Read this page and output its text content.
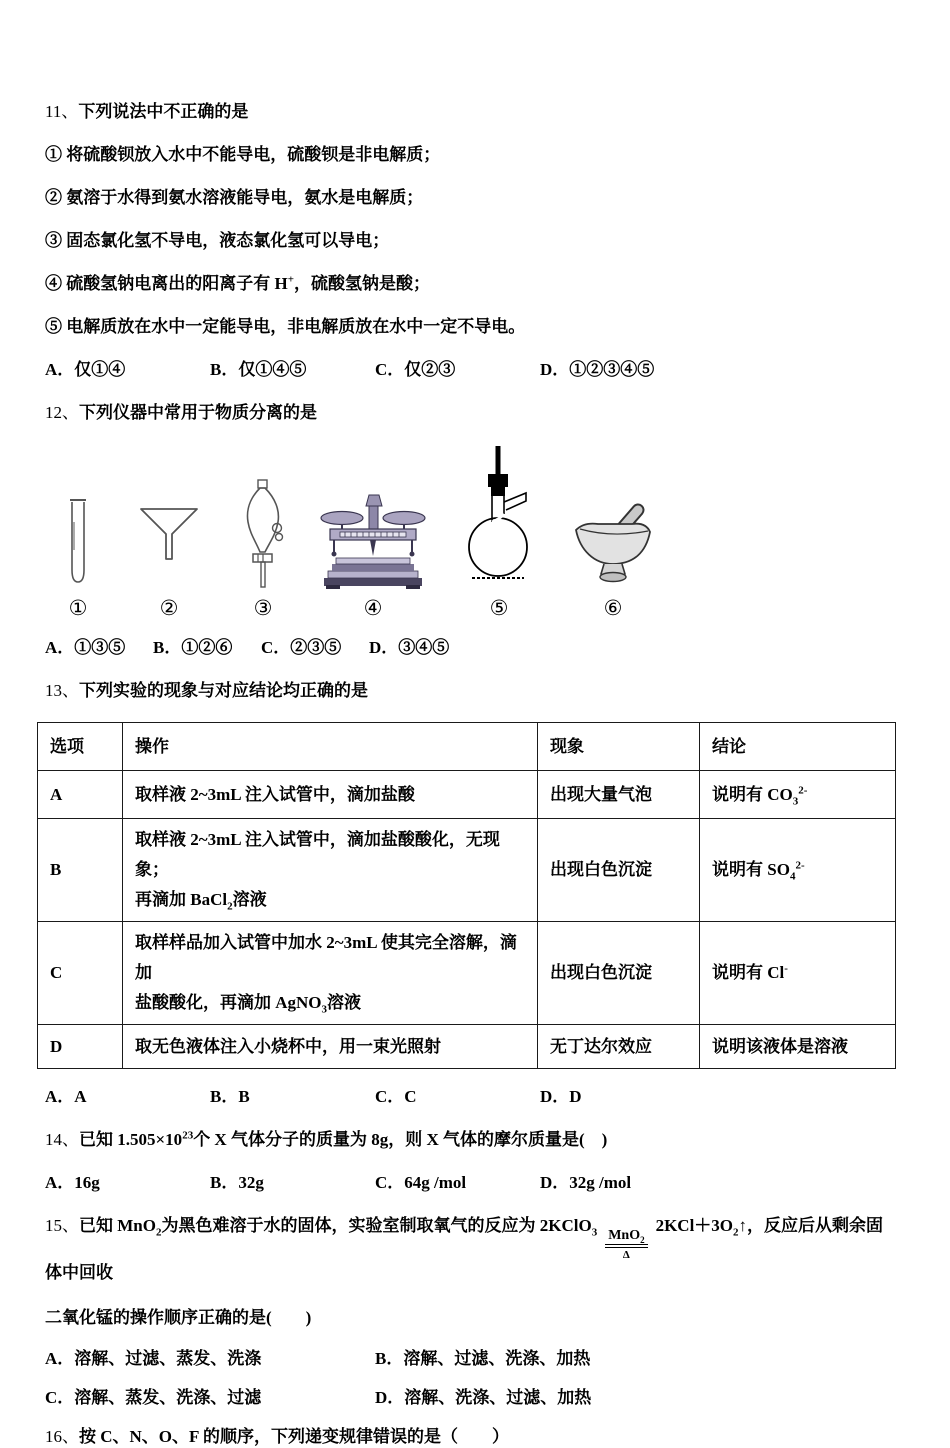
11、下列说法中不正确的是
① 将硫酸钡放入水中不能导电，硫酸钡是非电解质；
② 氨溶于水得到氨水溶液能导电，氨水是电解质；
③ 固态氯化氢不导电，液态氯化氢可以导电；
④ 硫酸氢钠电离出的阳离子有 H+，硫酸氢钠是酸；
⑤ 电解质放在水中一定能导电，非电解质放在水中一定不导电。
A．仅①④	B．仅①④⑤	C．仅②③	D．①②③④⑤
12、下列仪器中常用于物质分离的是
①	②	③	④	⑤	⑥
A．①③⑤ B．①②⑥ C．②③⑤ D．③④⑤
13、下列实验的现象与对应结论均正确的是
选项	操作	现象	结论
A	取样液 2~3mL 注入试管中，滴加盐酸	出现大量气泡	说明有 $CO_3^{2-}$
B	取样液 2~3mL 注入试管中，滴加盐酸酸化，无现象；
再滴加 BaCl$_2$溶液	出现白色沉淀	说明有 $SO_4^{2-}$
C	取样样品加入试管中加水 2~3mL 使其完全溶解，滴加
盐酸酸化，再滴加 AgNO$_3$溶液	出现白色沉淀	说明有 Cl-
D	取无色液体注入小烧杯中，用一束光照射	无丁达尔效应	说明该液体是溶液
A．A	B．B	C．C	D．D
14、已知 $1.505\times 10^{23}$个 X 气体分子的质量为 8g，则 X 气体的摩尔质量是(　)
A．16g	B．32g	C．64g /mol	D．32g /mol
15、已知 MnO$_2$为黑色难溶于水的固体，实验室制取氧气的反应为 2KClO$_3$ MnO$_2$
Δ
$2KCl+3O_2↑$，反应后从剩余固体中回收
二氧化锰的操作顺序正确的是(　　)
A．溶解、过滤、蒸发、洗涤	B．溶解、过滤、洗涤、加热
C．溶解、蒸发、洗涤、过滤	D．溶解、洗涤、过滤、加热
16、按 C、N、O、F 的顺序，下列递变规律错误的是（　　）
